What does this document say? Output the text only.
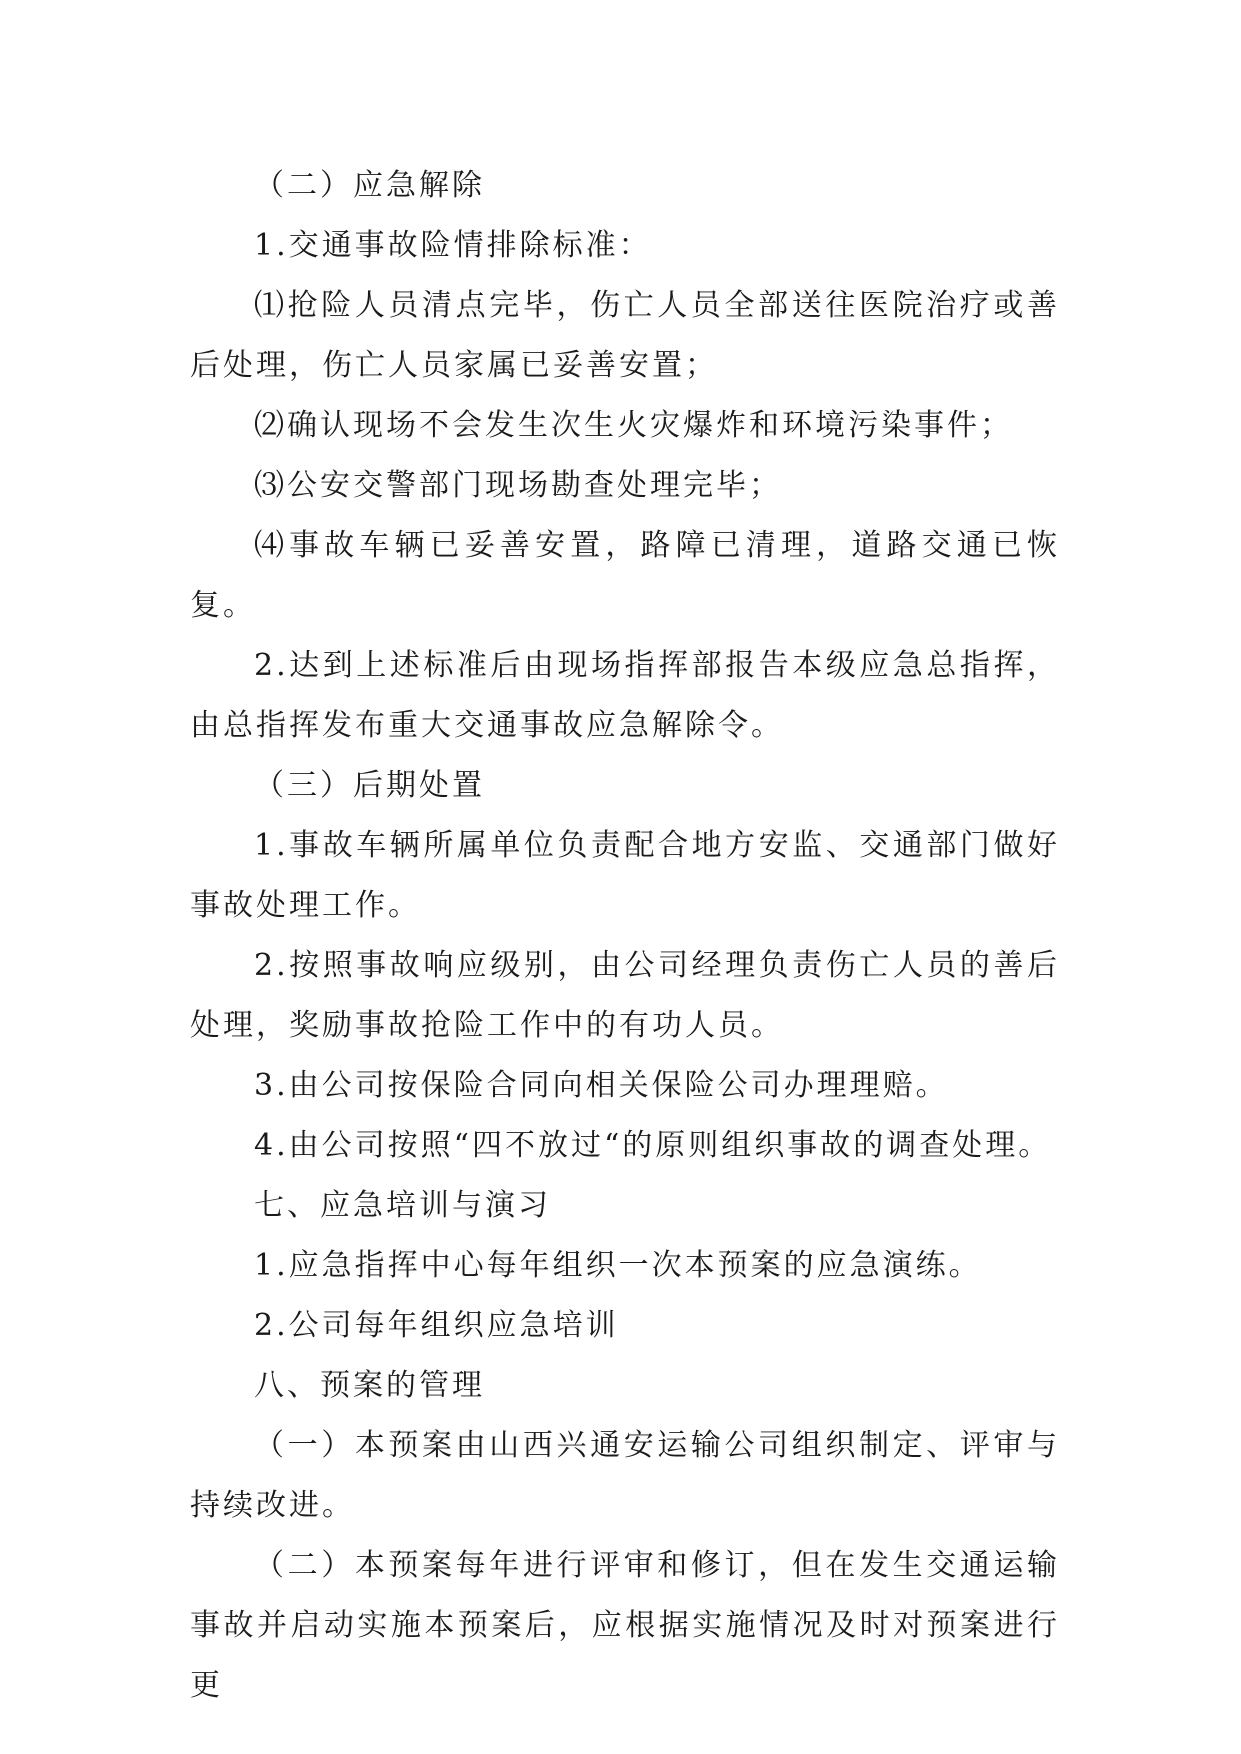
（二）应急解除

1.交通事故险情排除标准：

⑴抢险人员清点完毕，伤亡人员全部送往医院治疗或善后处理，伤亡人员家属已妥善安置；

⑵确认现场不会发生次生火灾爆炸和环境污染事件；

⑶公安交警部门现场勘查处理完毕；

⑷事故车辆已妥善安置，路障已清理，道路交通已恢复。

2.达到上述标准后由现场指挥部报告本级应急总指挥，由总指挥发布重大交通事故应急解除令。

（三）后期处置

1.事故车辆所属单位负责配合地方安监、交通部门做好事故处理工作。

2.按照事故响应级别，由公司经理负责伤亡人员的善后处理，奖励事故抢险工作中的有功人员。

3.由公司按保险合同向相关保险公司办理理赔。

4.由公司按照“四不放过“的原则组织事故的调查处理。

七、应急培训与演习

1.应急指挥中心每年组织一次本预案的应急演练。

2.公司每年组织应急培训

八、预案的管理

（一）本预案由山西兴通安运输公司组织制定、评审与持续改进。

（二）本预案每年进行评审和修订，但在发生交通运输事故并启动实施本预案后，应根据实施情况及时对预案进行更
